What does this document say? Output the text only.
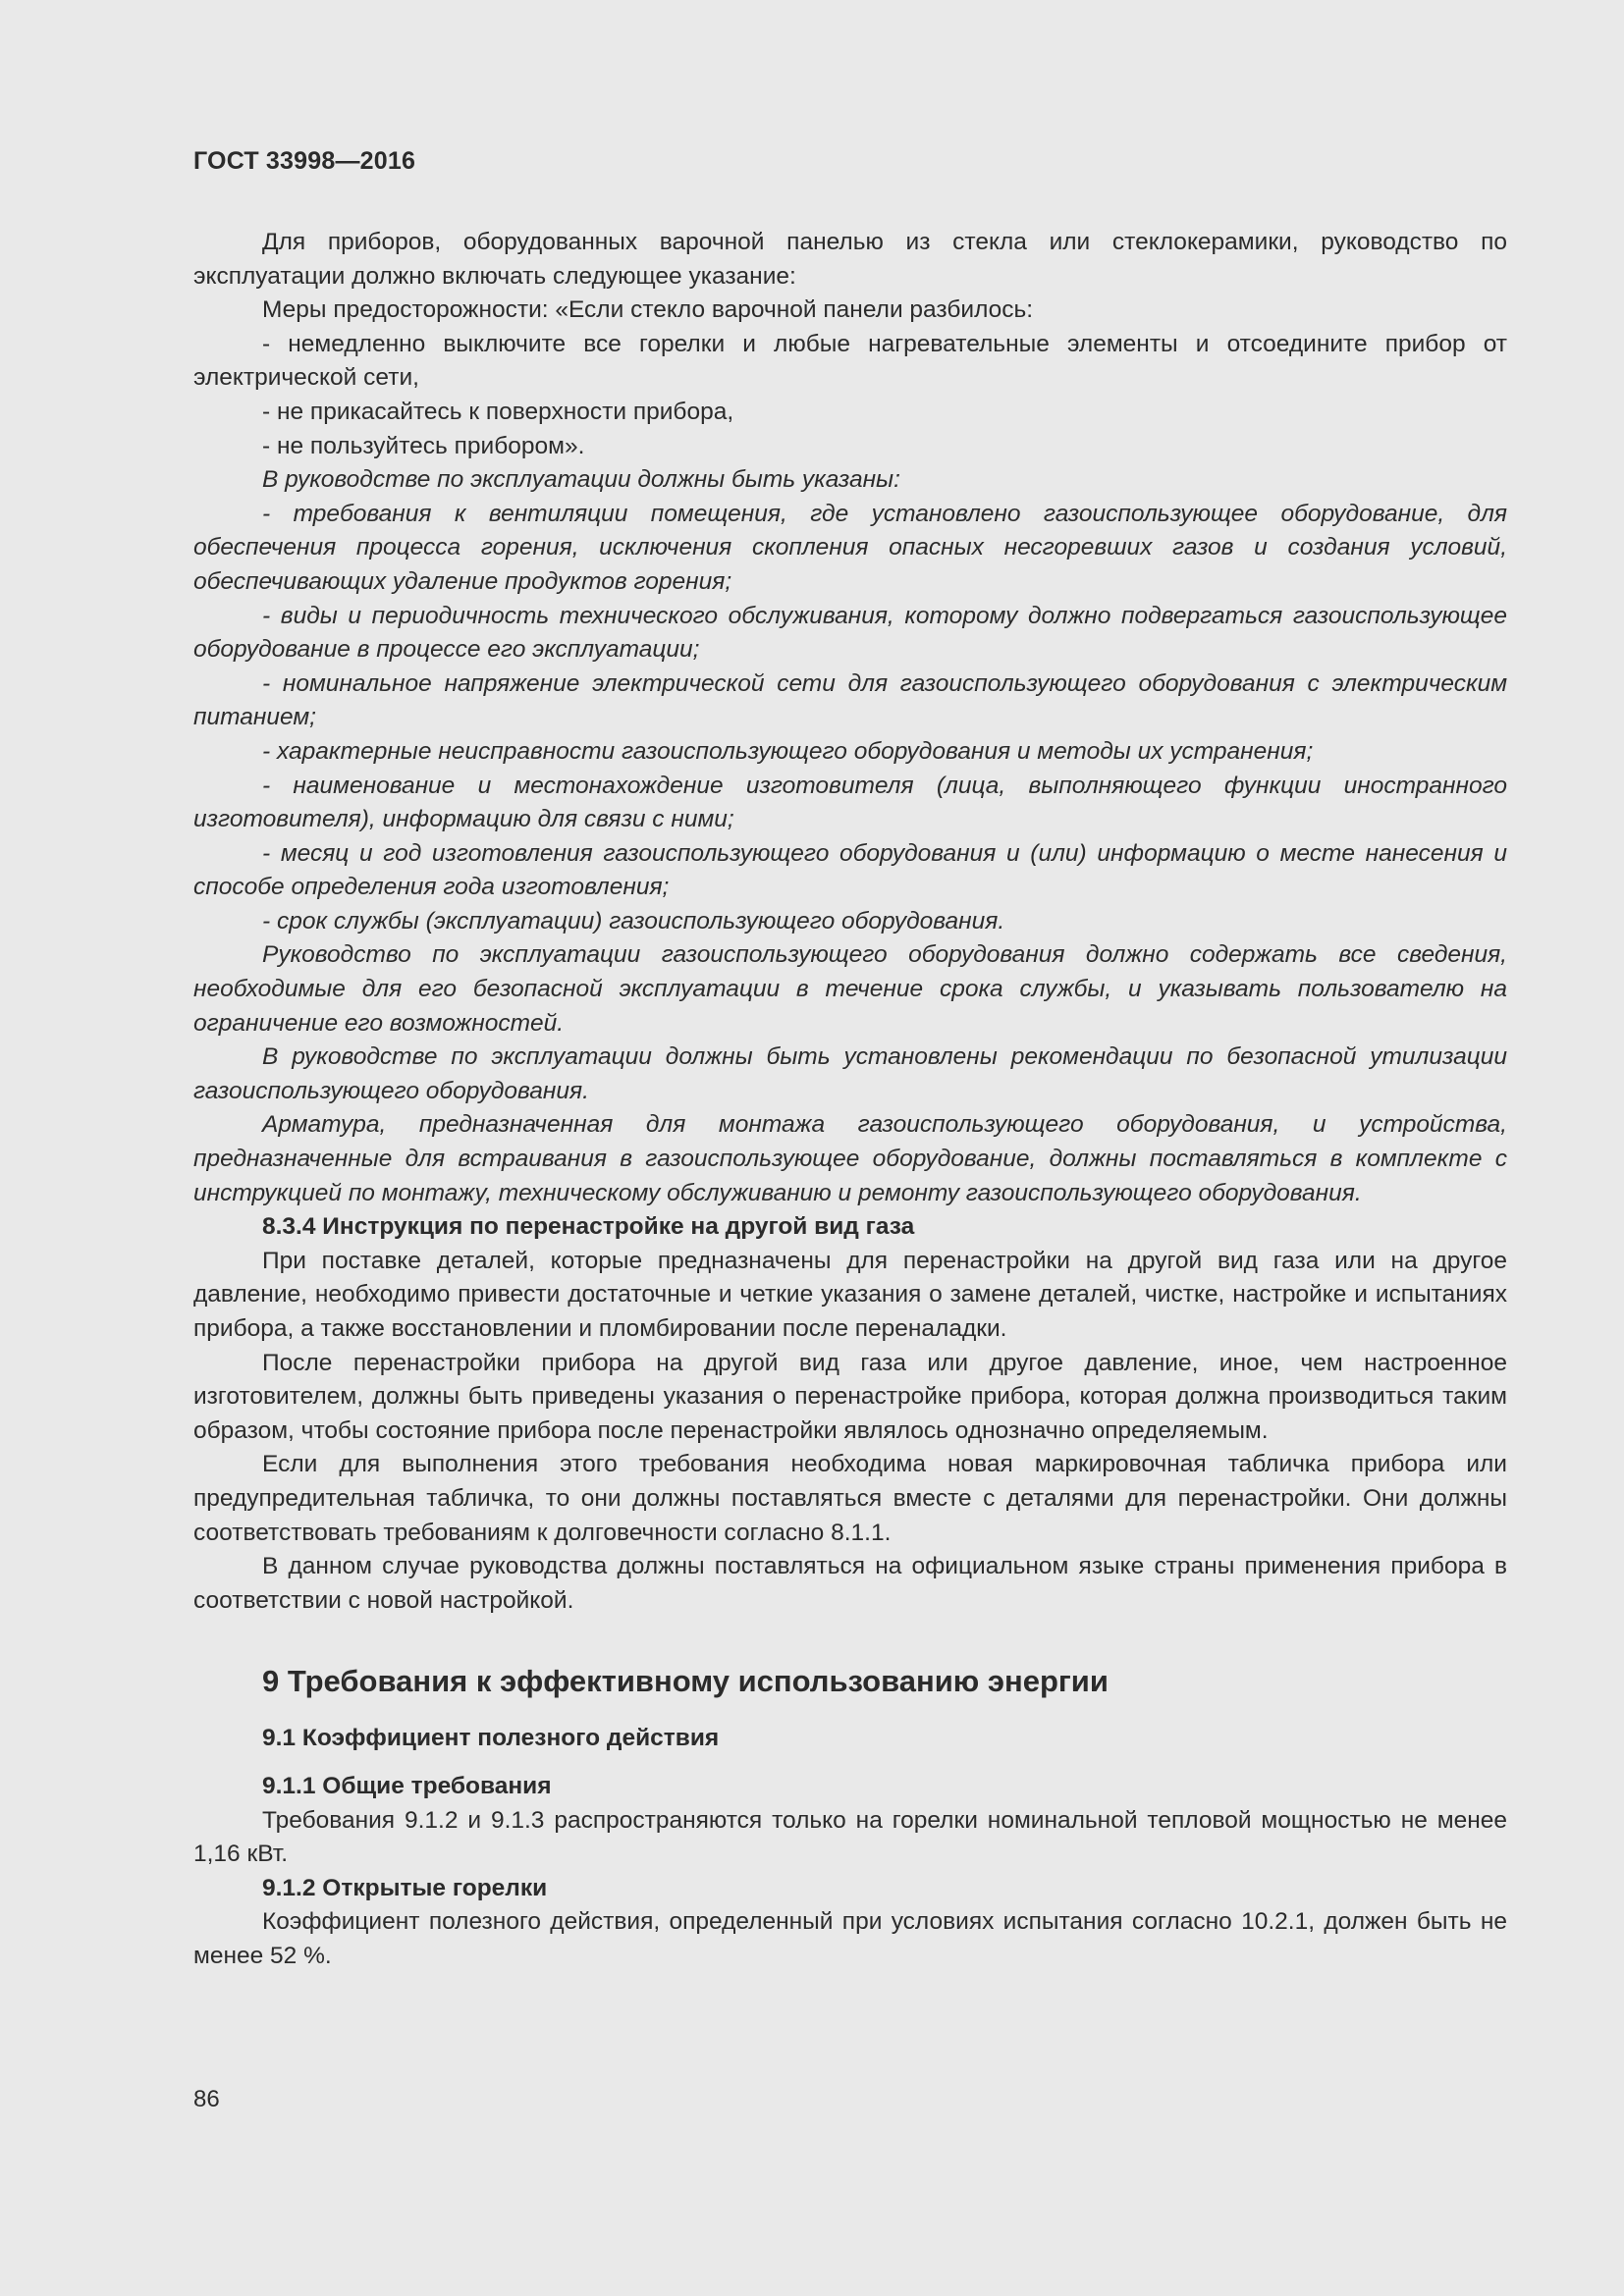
ГОСТ 33998—2016

Для приборов, оборудованных варочной панелью из стекла или стеклокерамики, руководство по эксплуатации должно включать следующее указание:

Меры предосторожности: «Если стекло варочной панели разбилось:

- немедленно выключите все горелки и любые нагревательные элементы и отсоедините прибор от электрической сети,

- не прикасайтесь к поверхности прибора,

- не пользуйтесь прибором».

В руководстве по эксплуатации должны быть указаны:

- требования к вентиляции помещения, где установлено газоиспользующее оборудование, для обеспечения процесса горения, исключения скопления опасных несгоревших газов и создания условий, обеспечивающих удаление продуктов горения;

- виды и периодичность технического обслуживания, которому должно подвергаться газоиспользующее оборудование в процессе его эксплуатации;

- номинальное напряжение электрической сети для газоиспользующего оборудования с электрическим питанием;

- характерные неисправности газоиспользующего оборудования и методы их устранения;

- наименование и местонахождение изготовителя (лица, выполняющего функции иностранного изготовителя), информацию для связи с ними;

- месяц и год изготовления газоиспользующего оборудования и (или) информацию о месте нанесения и способе определения года изготовления;

- срок службы (эксплуатации) газоиспользующего оборудования.

Руководство по эксплуатации газоиспользующего оборудования должно содержать все сведения, необходимые для его безопасной эксплуатации в течение срока службы, и указывать пользователю на ограничение его возможностей.

В руководстве по эксплуатации должны быть установлены рекомендации по безопасной утилизации газоиспользующего оборудования.

Арматура, предназначенная для монтажа газоиспользующего оборудования, и устройства, предназначенные для встраивания в газоиспользующее оборудование, должны поставляться в комплекте с инструкцией по монтажу, техническому обслуживанию и ремонту газоиспользующего оборудования.

8.3.4 Инструкция по перенастройке на другой вид газа

При поставке деталей, которые предназначены для перенастройки на другой вид газа или на другое давление, необходимо привести достаточные и четкие указания о замене деталей, чистке, настройке и испытаниях прибора, а также восстановлении и пломбировании после переналадки.

После перенастройки прибора на другой вид газа или другое давление, иное, чем настроенное изготовителем, должны быть приведены указания о перенастройке прибора, которая должна производиться таким образом, чтобы состояние прибора после перенастройки являлось однозначно определяемым.

Если для выполнения этого требования необходима новая маркировочная табличка прибора или предупредительная табличка, то они должны поставляться вместе с деталями для перенастройки. Они должны соответствовать требованиям к долговечности согласно 8.1.1.

В данном случае руководства должны поставляться на официальном языке страны применения прибора в соответствии с новой настройкой.

9 Требования к эффективному использованию энергии
9.1 Коэффициент полезного действия

9.1.1 Общие требования

Требования 9.1.2 и 9.1.3 распространяются только на горелки номинальной тепловой мощностью не менее 1,16 кВт.

9.1.2 Открытые горелки

Коэффициент полезного действия, определенный при условиях испытания согласно 10.2.1, должен быть не менее 52 %.

86
